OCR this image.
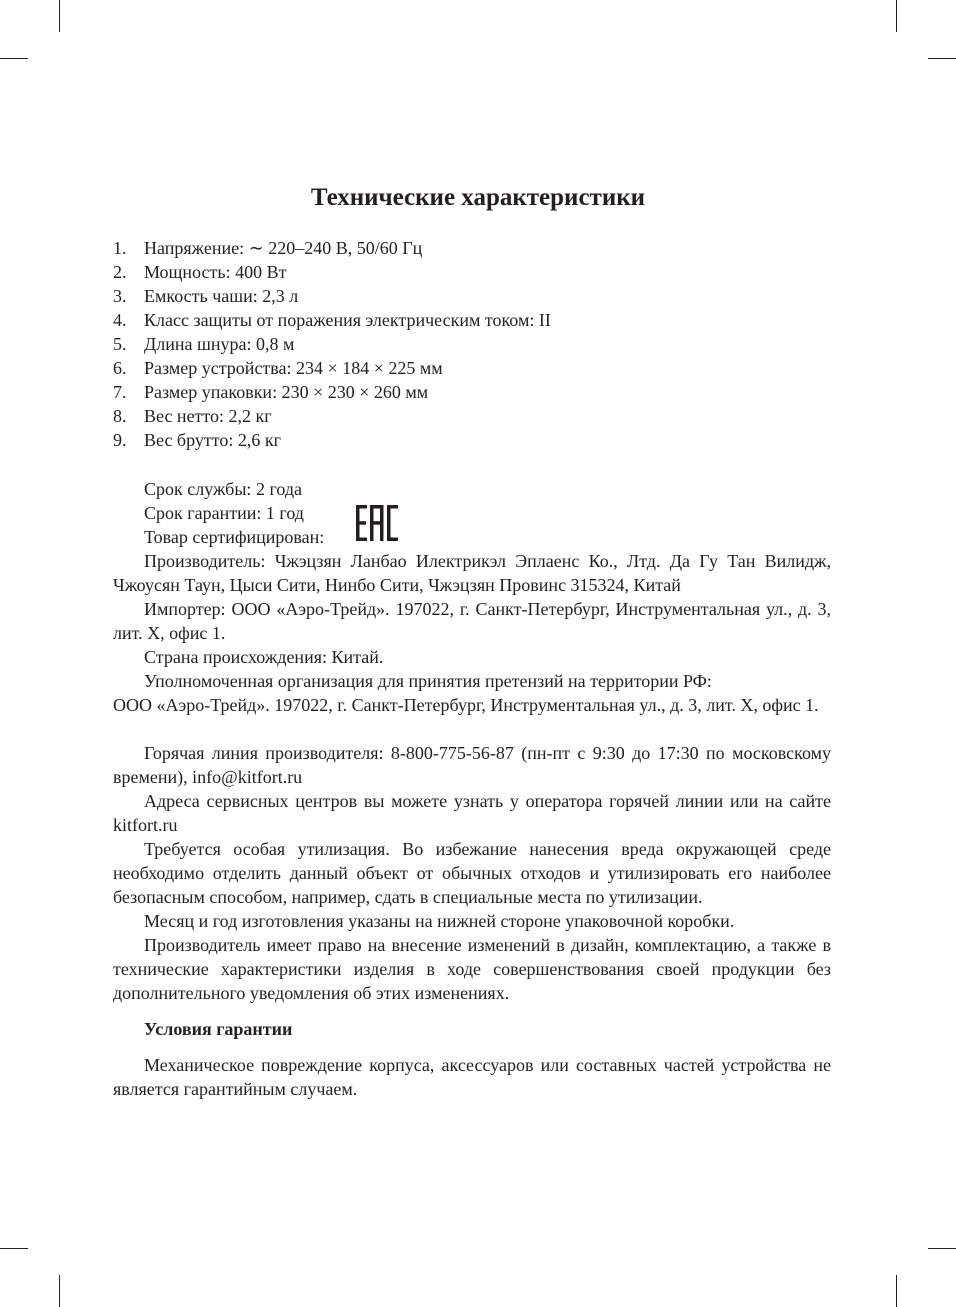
Технические характеристики
1. Напряжение: ∼ 220–240 В, 50/60 Гц
2. Мощность: 400 Вт
3. Емкость чаши: 2,3 л
4. Класс защиты от поражения электрическим током: II
5. Длина шнура: 0,8 м
6. Размер устройства: 234 × 184 × 225 мм
7. Размер упаковки: 230 × 230 × 260 мм
8. Вес нетто: 2,2 кг
9. Вес брутто: 2,6 кг
Срок службы: 2 года
Срок гарантии: 1 год
Товар сертифицирован:
Производитель: Чжэцзян Ланбао Илектрикэл Эплаенс Ко., Лтд. Да Гу Тан Вилидж, Чжоусян Таун, Цыси Сити, Нинбо Сити, Чжэцзян Провинс 315324, Китай
Импортер: ООО «Аэро-Трейд». 197022, г. Санкт-Петербург, Инструментальная ул., д. 3, лит. Х, офис 1.
Страна происхождения: Китай.
Уполномоченная организация для принятия претензий на территории РФ:
ООО «Аэро-Трейд». 197022, г. Санкт-Петербург, Инструментальная ул., д. 3, лит. Х, офис 1.
Горячая линия производителя: 8-800-775-56-87 (пн-пт с 9:30 до 17:30 по московскому времени), info@kitfort.ru
Адреса сервисных центров вы можете узнать у оператора горячей линии или на сайте kitfort.ru
Требуется особая утилизация. Во избежание нанесения вреда окружающей среде необходимо отделить данный объект от обычных отходов и утилизировать его наиболее безопасным способом, например, сдать в специальные места по утилизации.
Месяц и год изготовления указаны на нижней стороне упаковочной коробки.
Производитель имеет право на внесение изменений в дизайн, комплектацию, а также в технические характеристики изделия в ходе совершенствования своей продукции без дополнительного уведомления об этих изменениях.
Условия гарантии
Механическое повреждение корпуса, аксессуаров или составных частей устройства не является гарантийным случаем.
